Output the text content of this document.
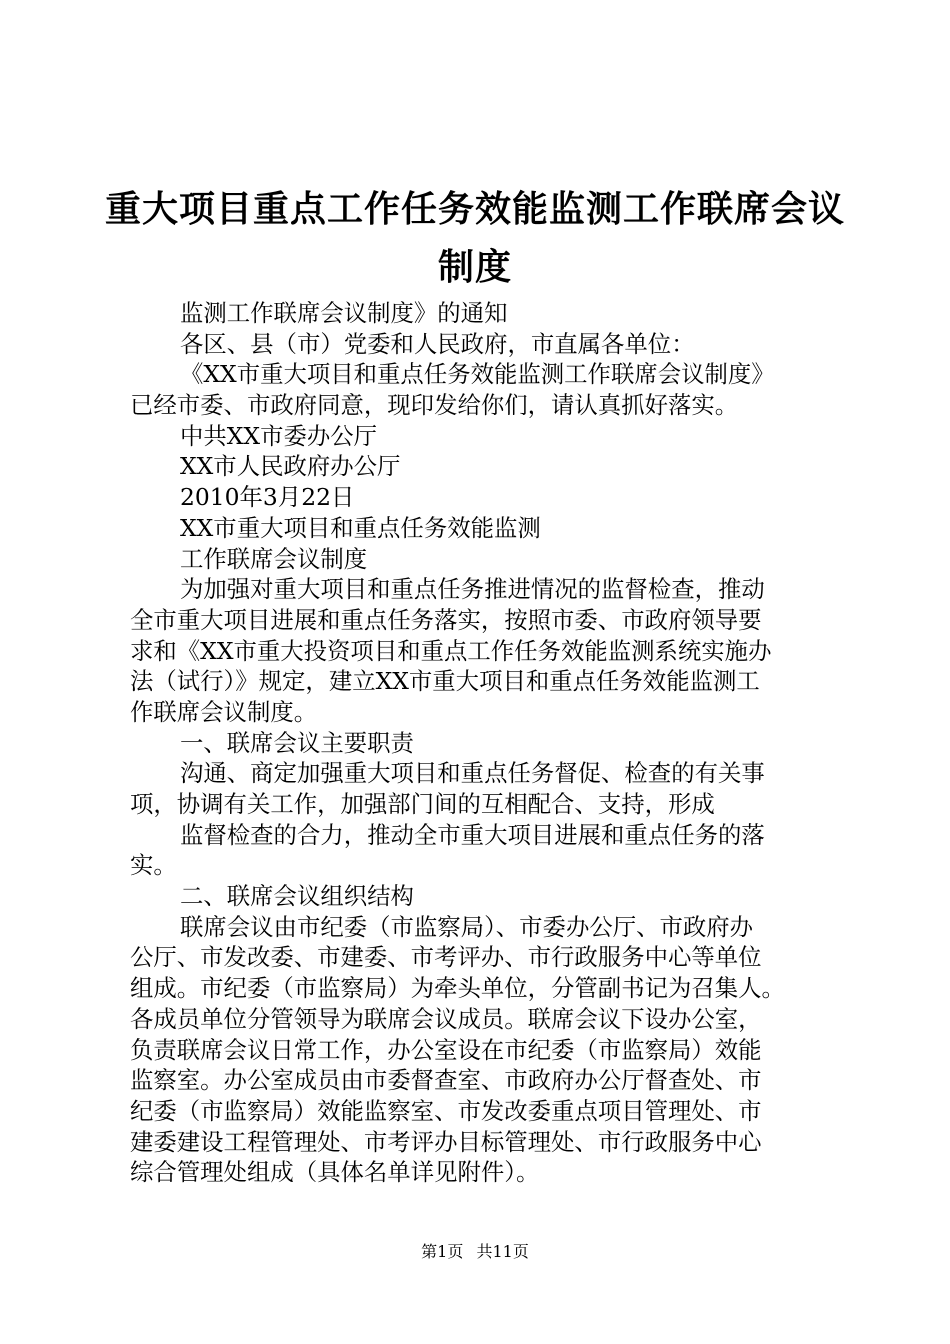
重大项目重点工作任务效能监测工作联席会议
制度
监测工作联席会议制度》的通知
各区、县（市）党委和人民政府，市直属各单位：
《XX市重大项目和重点任务效能监测工作联席会议制度》
已经市委、市政府同意，现印发给你们，请认真抓好落实。
中共XX市委办公厅
XX市人民政府办公厅
2010年3月22日
XX市重大项目和重点任务效能监测
工作联席会议制度
为加强对重大项目和重点任务推进情况的监督检查，推动
全市重大项目进展和重点任务落实，按照市委、市政府领导要
求和《XX市重大投资项目和重点工作任务效能监测系统实施办
法（试行）》规定，建立XX市重大项目和重点任务效能监测工
作联席会议制度。
一、联席会议主要职责
沟通、商定加强重大项目和重点任务督促、检查的有关事
项，协调有关工作，加强部门间的互相配合、支持，形成
监督检查的合力，推动全市重大项目进展和重点任务的落
实。
二、联席会议组织结构
联席会议由市纪委（市监察局）、市委办公厅、市政府办
公厅、市发改委、市建委、市考评办、市行政服务中心等单位
组成。市纪委（市监察局）为牵头单位，分管副书记为召集人。
各成员单位分管领导为联席会议成员。联席会议下设办公室，
负责联席会议日常工作，办公室设在市纪委（市监察局）效能
监察室。办公室成员由市委督查室、市政府办公厅督查处、市
纪委（市监察局）效能监察室、市发改委重点项目管理处、市
建委建设工程管理处、市考评办目标管理处、市行政服务中心
综合管理处组成（具体名单详见附件）。
第1页 共11页
